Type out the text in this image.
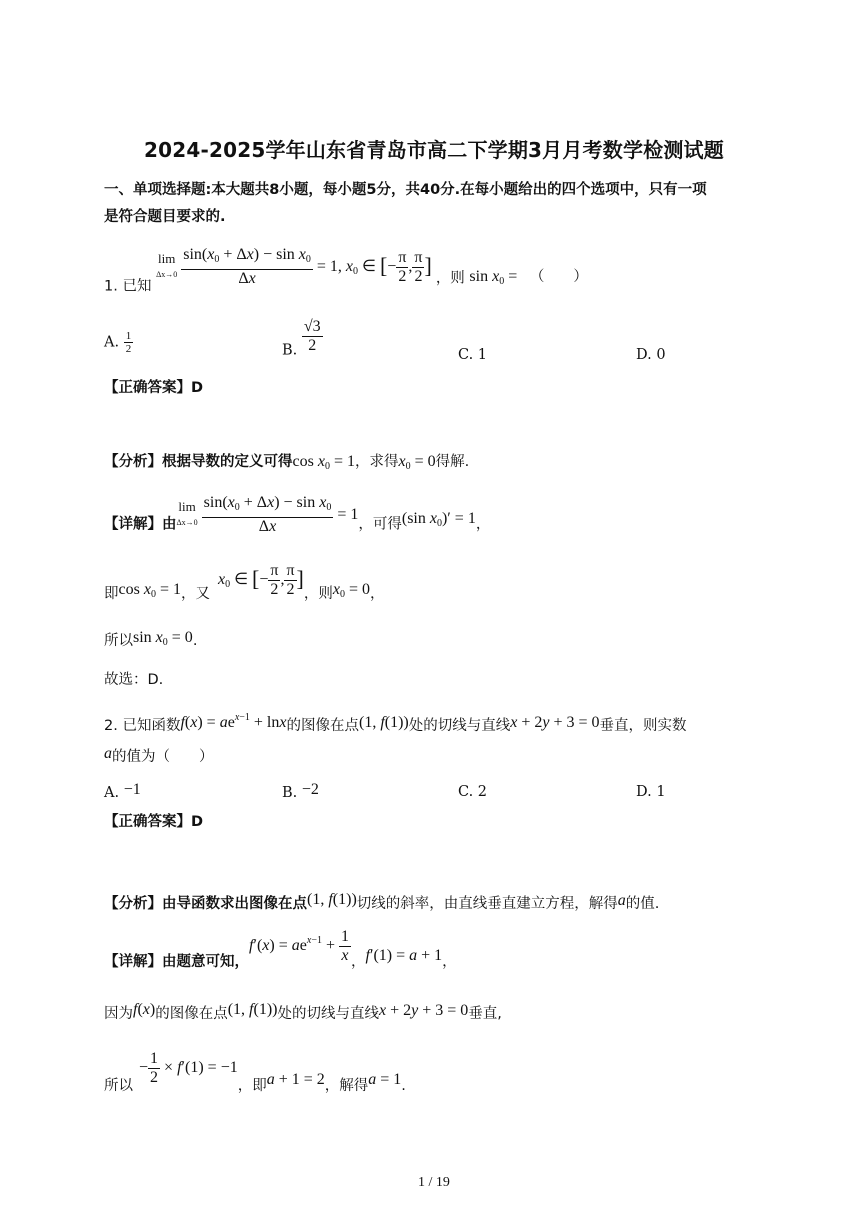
2024-2025学年山东省青岛市高二下学期3月月考数学检测试题
一、单项选择题:本大题共8小题，每小题5分，共40分.在每小题给出的四个选项中，只有一项
是符合题目要求的.
1. 已知 lim
$\Delta x\to 0 \frac{\sin(x_0 + \Delta x) - \sin x_0}{\Delta x} = 1$, $x_0$ ∈ [− $\frac{\pi}{2}$ , $\frac{\pi}{2}$ ] ，则 $\sin x_0$ = （　　）
A. $\frac{1}{2}$	B. $\frac{√3}{2}$	C. 1	D. 0
【正确答案】D
【分析】根据导数的定义可得$\cos x_0 = 1$，求得$x_0 = 0$得解.
【详解】由lim
$\Delta x\to 0 \frac{\sin(x_0 + \Delta x) - \sin x_0}{\Delta x} = 1$，可得(sin $x_0)' = 1$，
即$\cos x_0 = 1$，又$x_0$ ∈ [− $\frac{\pi}{2}$ , $\frac{\pi}{2}$ ]，则$x_0 = 0$，
所以$\sin x_0 = 0$.
故选：D.
2. 已知函数$f(x) = ae^{x-1} + \ln x$的图像在点(1, f(1))处的切线与直线x + 2y + 3 = 0垂直，则实数
a的值为（　　）
A. −1	B. −2	C. 2	D. 1
【正确答案】D
【分析】由导函数求出图像在点(1, f(1))切线的斜率，由直线垂直建立方程，解得a的值.
【详解】由题意可知，$f'(x) = ae^{x-1} + \frac{1}{x}$ ，f′(1) = a + 1，
因为f(x)的图像在点(1, f(1))处的切线与直线x + 2y + 3 = 0垂直,
所以− $\frac{1}{2} \times f'(1) = -1$，即a + 1 = 2，解得a = 1.
1 / 19
